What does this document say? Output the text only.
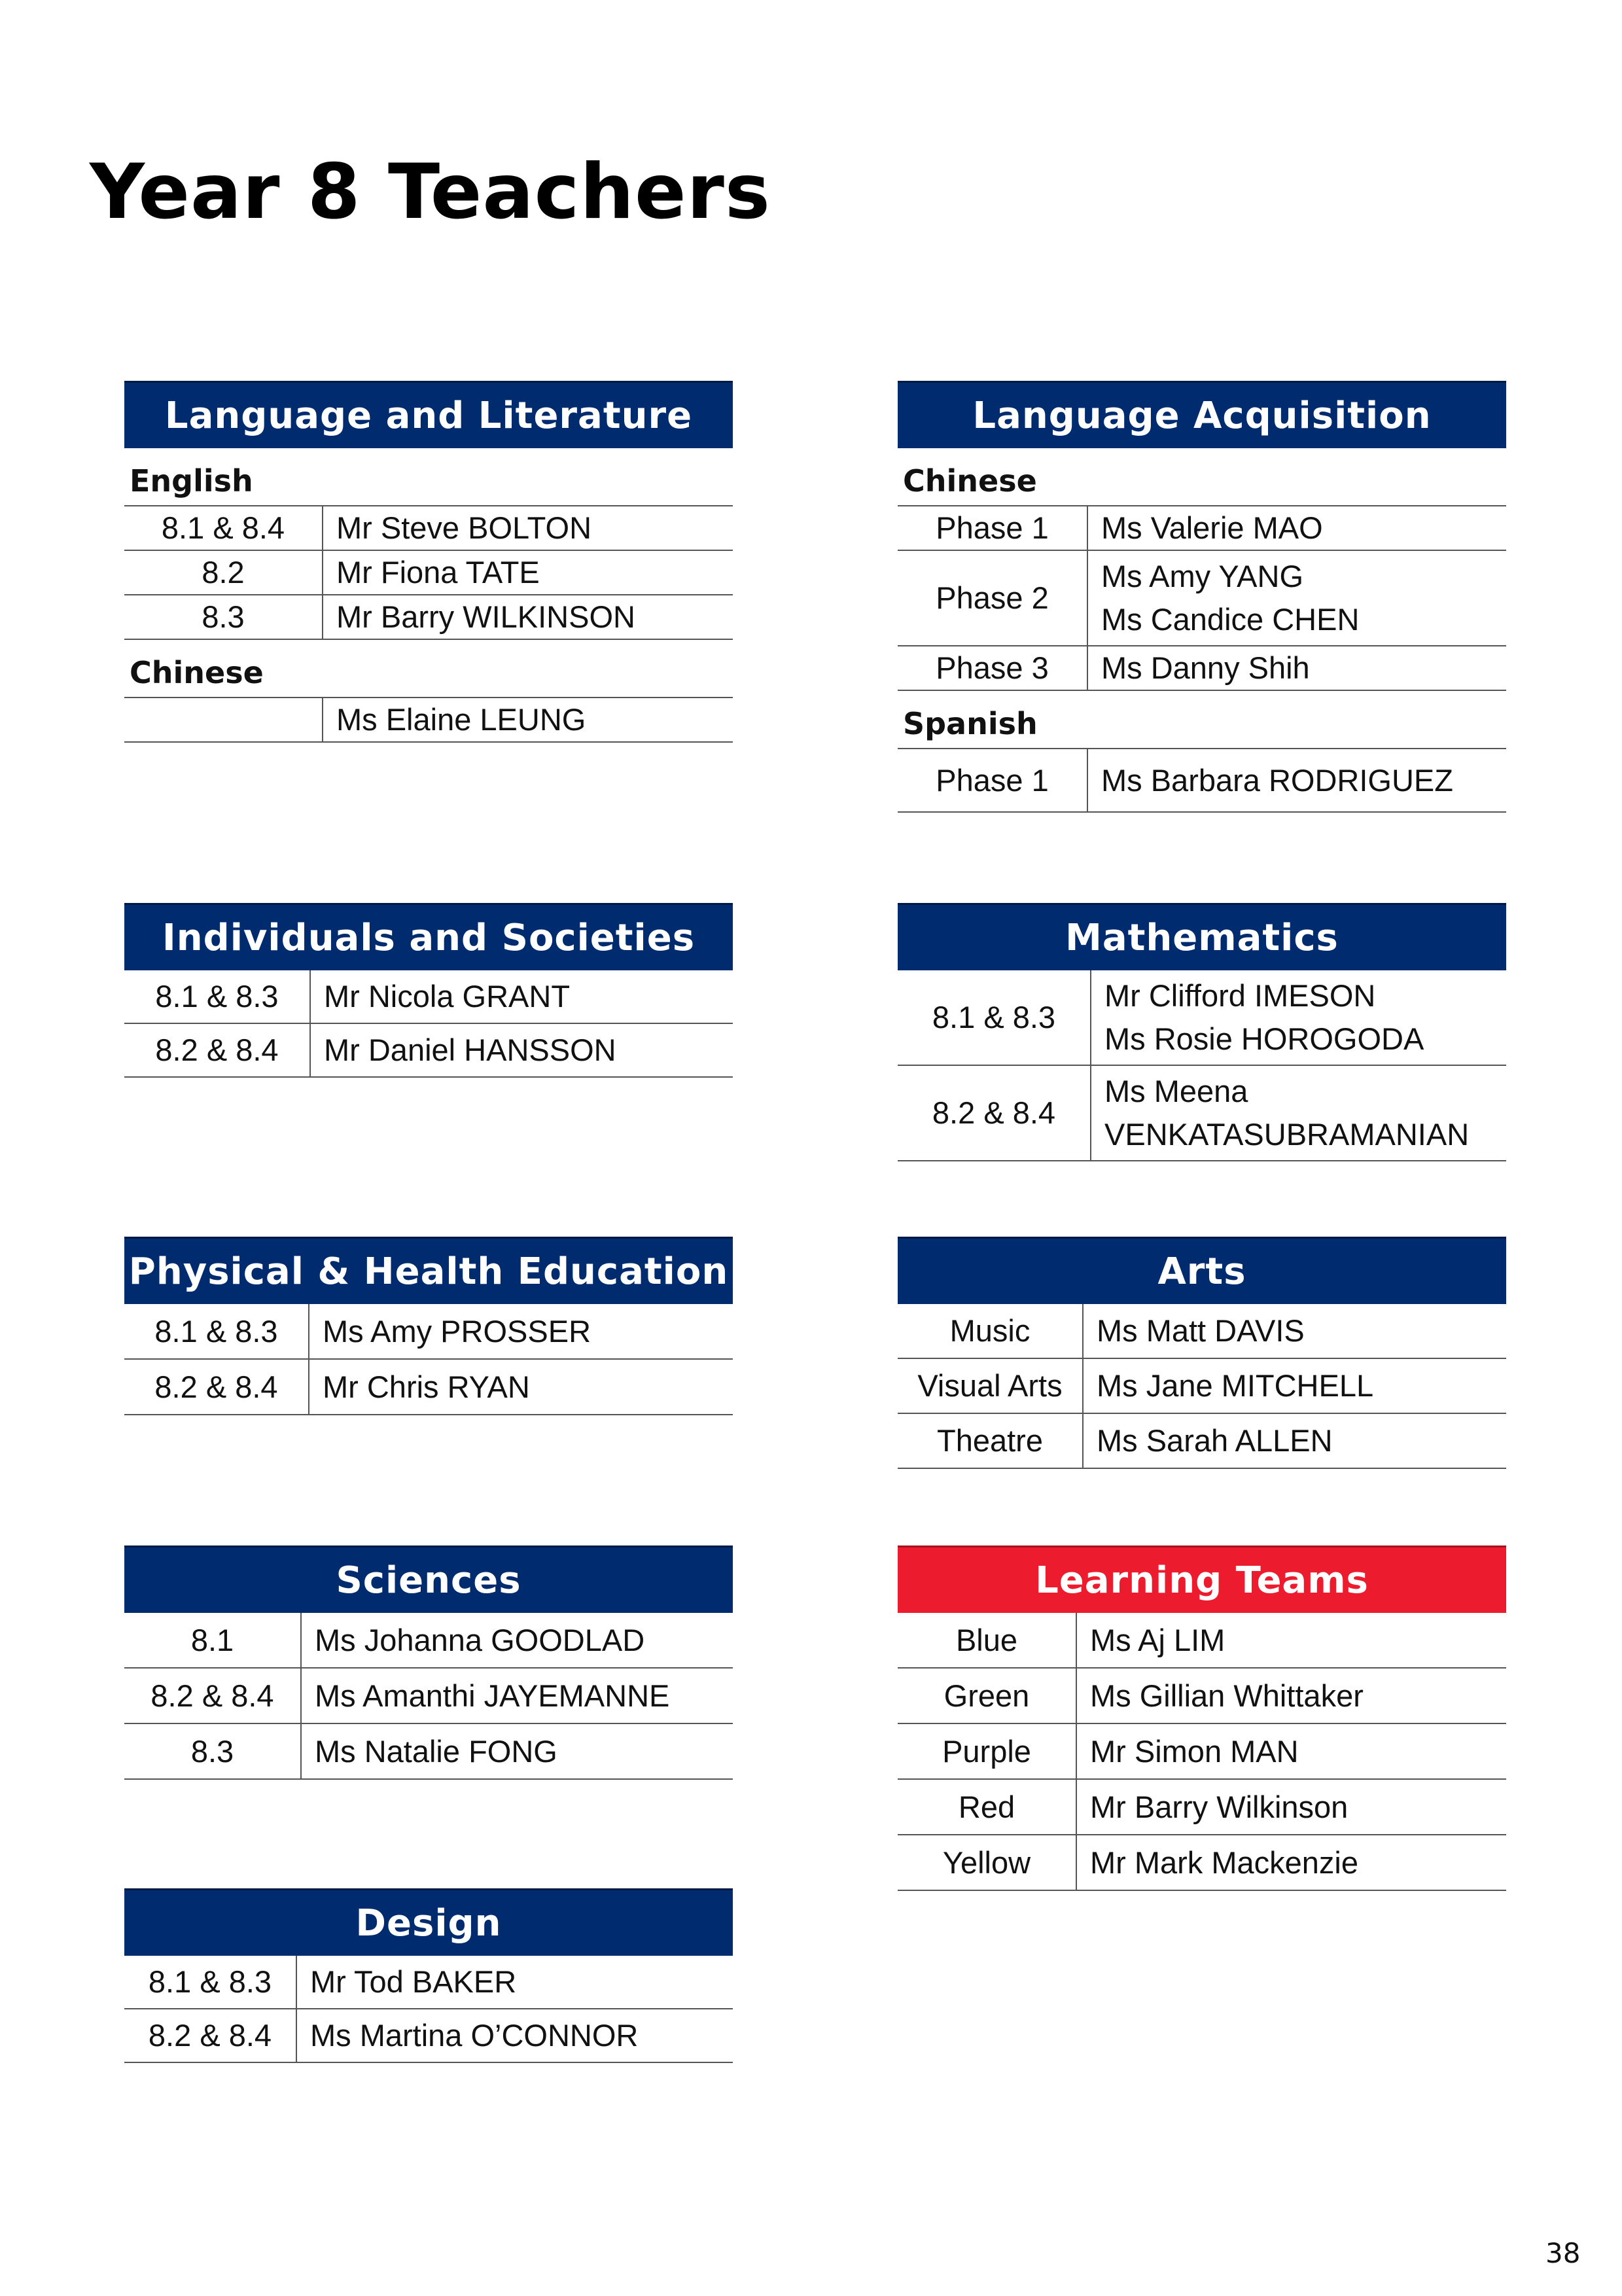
Year 8 Teachers
Language and Literature
English	
8.1 & 8.4	Mr Steve BOLTON
8.2	Mr Fiona TATE
8.3	Mr Barry WILKINSON
Chinese	
	Ms Elaine LEUNG
Language Acquisition
Chinese	
Phase 1	Ms Valerie MAO
Phase 2	Ms Amy YANG
Ms Candice CHEN

Phase 3	Ms Danny Shih
Spanish	
Phase 1	Ms Barbara RODRIGUEZ
Individuals and Societies
8.1 & 8.3	Mr Nicola GRANT
8.2 & 8.4	Mr Daniel HANSSON
Mathematics
8.1 & 8.3	Mr Clifford IMESON
Ms Rosie HOROGODA

8.2 & 8.4	Ms Meena
VENKATASUBRAMANIAN
Physical & Health Education
8.1 & 8.3	Ms Amy PROSSER
8.2 & 8.4	Mr Chris RYAN
Arts
Music	Ms Matt DAVIS
Visual Arts	Ms Jane MITCHELL
Theatre	Ms Sarah ALLEN
Sciences
8.1	Ms Johanna GOODLAD
8.2 & 8.4	Ms Amanthi JAYEMANNE
8.3	Ms Natalie FONG
Learning Teams
Blue	Ms Aj LIM
Green	Ms Gillian Whittaker
Purple	Mr Simon MAN
Red	Mr Barry Wilkinson
Yellow	Mr Mark Mackenzie
Design
8.1 & 8.3	Mr Tod BAKER
8.2 & 8.4	Ms Martina O’CONNOR
38
